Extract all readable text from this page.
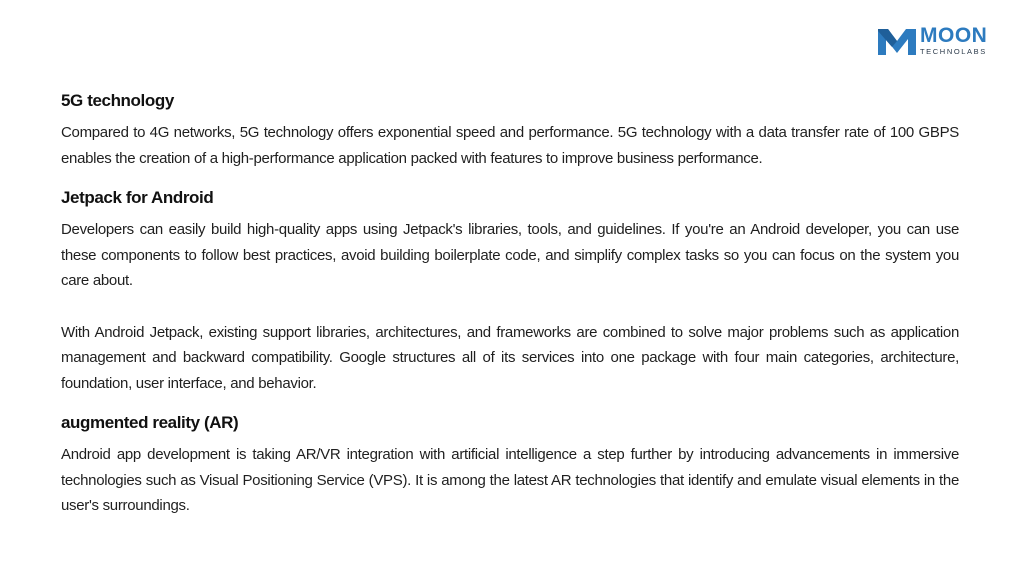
MOON
TECHNOLABS
5G technology

Compared to 4G networks, 5G technology offers exponential speed and performance. 5G technology with a data transfer rate of 100 GBPS enables the creation of a high-performance application packed with features to improve business performance.

Jetpack for Android

Developers can easily build high-quality apps using Jetpack's libraries, tools, and guidelines. If you're an Android developer, you can use these components to follow best practices, avoid building boilerplate code, and simplify complex tasks so you can focus on the system you care about.

With Android Jetpack, existing support libraries, architectures, and frameworks are combined to solve major problems such as application management and backward compatibility. Google structures all of its services into one package with four main categories, architecture, foundation, user interface, and behavior.

augmented reality (AR)

Android app development is taking AR/VR integration with artificial intelligence a step further by introducing advancements in immersive technologies such as Visual Positioning Service (VPS). It is among the latest AR technologies that identify and emulate visual elements in the user's surroundings.
